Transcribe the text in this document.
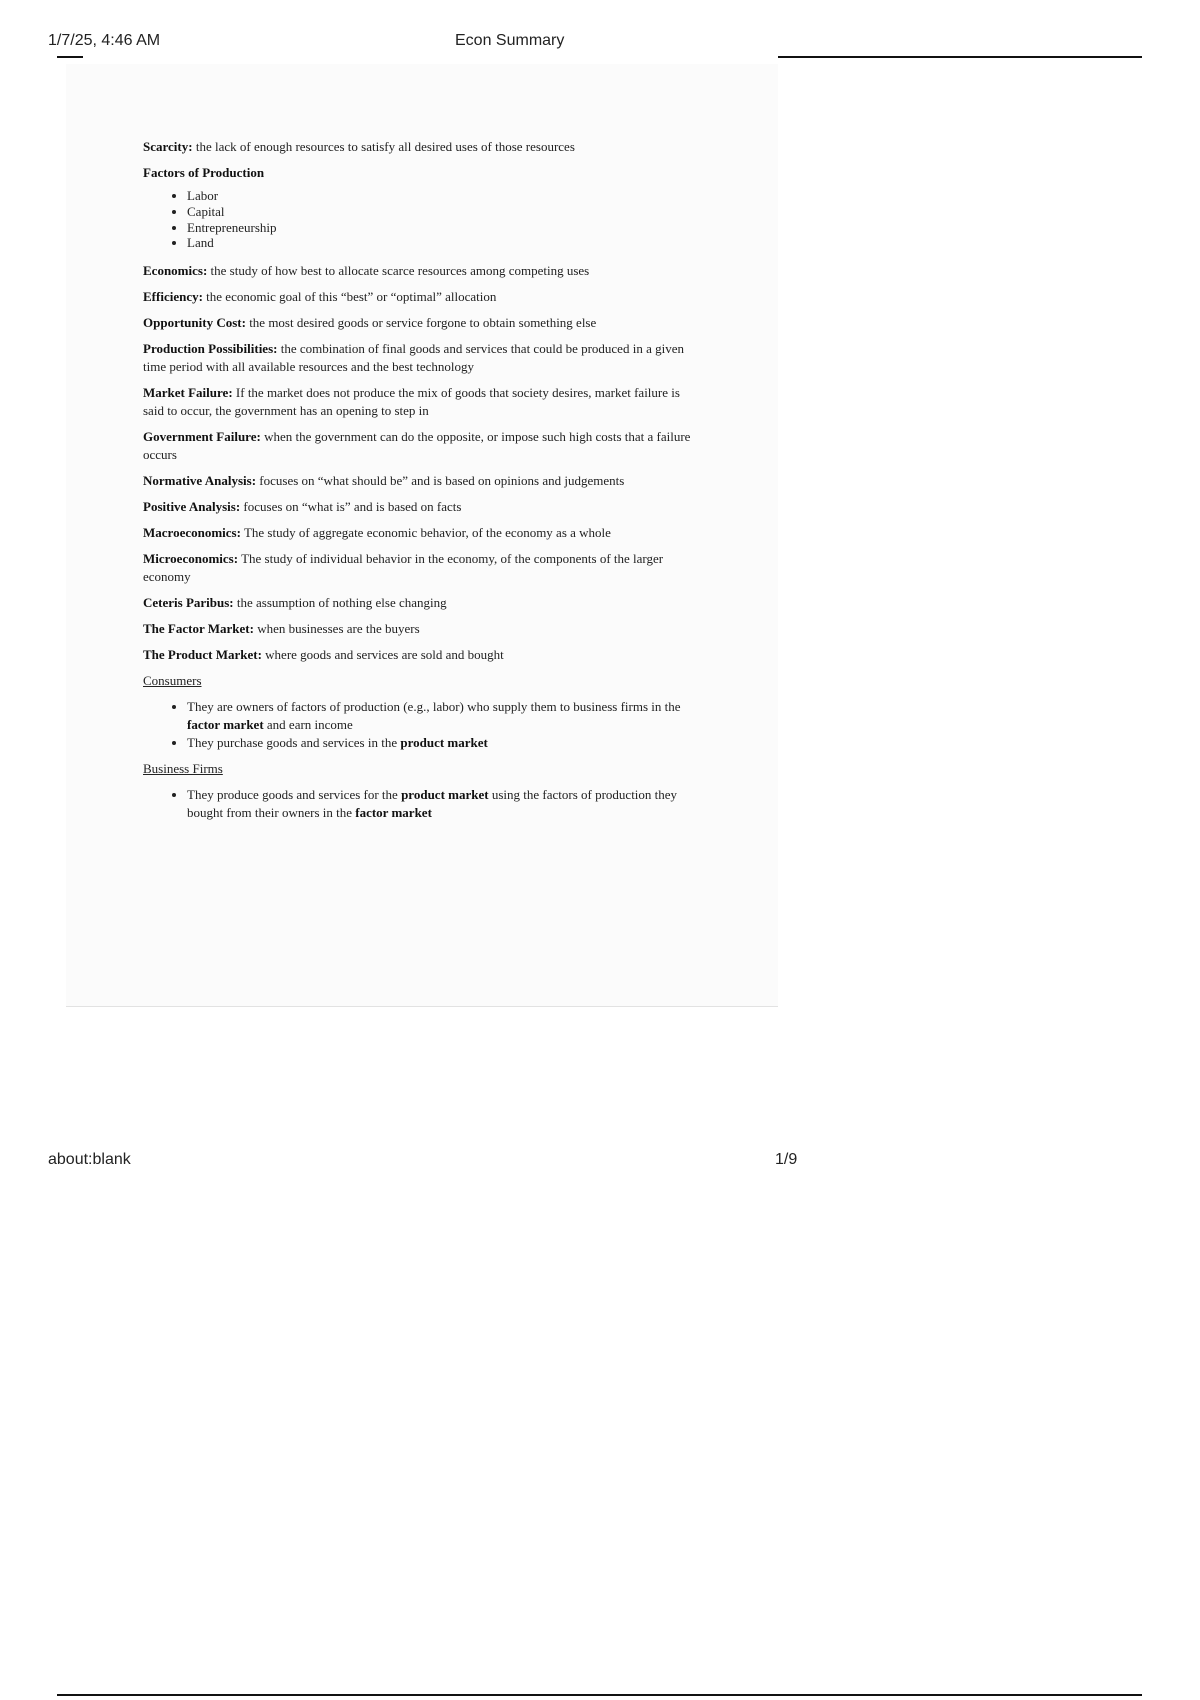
1/7/25, 4:46 AM	Econ Summary

Scarcity: the lack of enough resources to satisfy all desired uses of those resources

Factors of Production

• Labor
• Capital
• Entrepreneurship
• Land

Economics: the study of how best to allocate scarce resources among competing uses

Efficiency: the economic goal of this “best” or “optimal” allocation

Opportunity Cost: the most desired goods or service forgone to obtain something else

Production Possibilities: the combination of final goods and services that could be produced in a given time period with all available resources and the best technology

Market Failure: If the market does not produce the mix of goods that society desires, market failure is said to occur, the government has an opening to step in

Government Failure: when the government can do the opposite, or impose such high costs that a failure occurs

Normative Analysis: focuses on “what should be” and is based on opinions and judgements

Positive Analysis: focuses on “what is” and is based on facts

Macroeconomics: The study of aggregate economic behavior, of the economy as a whole

Microeconomics: The study of individual behavior in the economy, of the components of the larger economy

Ceteris Paribus: the assumption of nothing else changing

The Factor Market: when businesses are the buyers

The Product Market: where goods and services are sold and bought

Consumers

• They are owners of factors of production (e.g., labor) who supply them to business firms in the factor market and earn income
• They purchase goods and services in the product market

Business Firms

• They produce goods and services for the product market using the factors of production they bought from their owners in the factor market
about:blank	1/9
